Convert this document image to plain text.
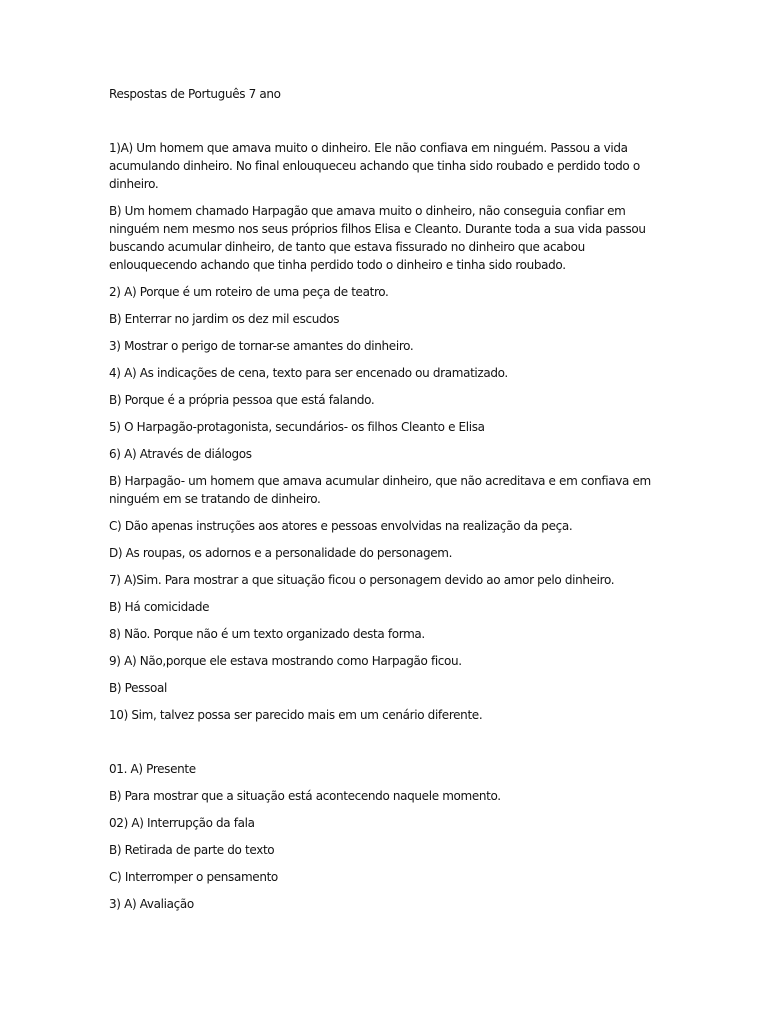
Respostas de Português 7 ano

1)A) Um homem que amava muito o dinheiro. Ele não confiava em ninguém. Passou a vida acumulando dinheiro. No final enlouqueceu achando que tinha sido roubado e perdido todo o dinheiro.

B) Um homem chamado Harpagão que amava muito o dinheiro, não conseguia confiar em ninguém nem mesmo nos seus próprios filhos Elisa e Cleanto. Durante toda a sua vida passou buscando acumular dinheiro, de tanto que estava fissurado no dinheiro que acabou enlouquecendo achando que tinha perdido todo o dinheiro e tinha sido roubado.

2) A) Porque é um roteiro de uma peça de teatro.

B) Enterrar no jardim os dez mil escudos

3) Mostrar o perigo de tornar-se amantes do dinheiro.

4) A) As indicações de cena, texto para ser encenado ou dramatizado.

B) Porque é a própria pessoa que está falando.

5) O Harpagão-protagonista, secundários- os filhos Cleanto e Elisa

6) A) Através de diálogos

B) Harpagão- um homem que amava acumular dinheiro, que não acreditava e em confiava em ninguém em se tratando de dinheiro.

C) Dão apenas instruções aos atores e pessoas envolvidas na realização da peça.

D) As roupas, os adornos e a personalidade do personagem.

7) A)Sim. Para mostrar a que situação ficou o personagem devido ao amor pelo dinheiro.

B) Há comicidade

8) Não. Porque não é um texto organizado desta forma.

9) A) Não,porque ele estava mostrando como Harpagão ficou.

B) Pessoal

10) Sim, talvez possa ser parecido mais em um cenário diferente.

01. A) Presente

B) Para mostrar que a situação está acontecendo naquele momento.

02) A) Interrupção da fala

B) Retirada de parte do texto

C) Interromper o pensamento

3) A) Avaliação
